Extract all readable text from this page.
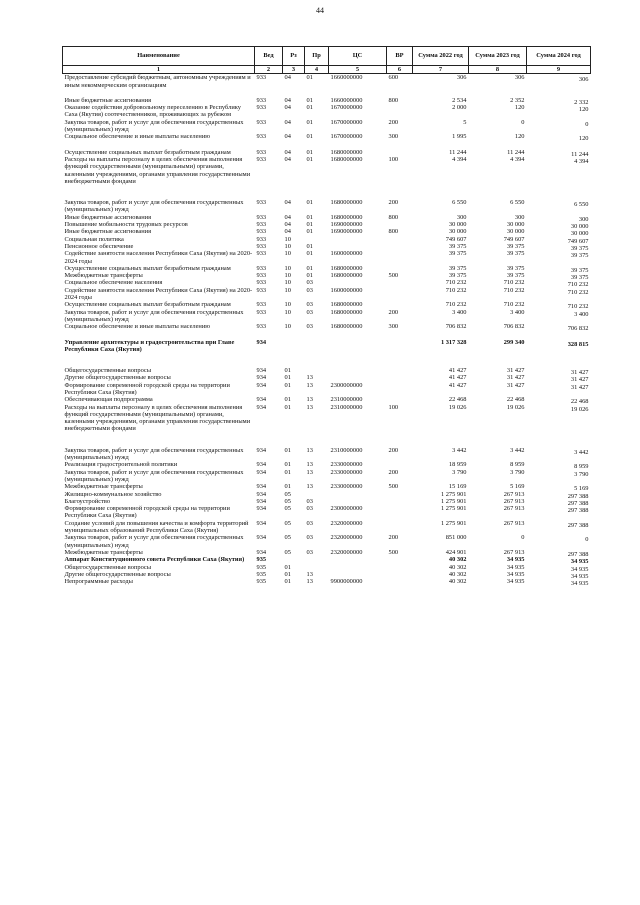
44
Наименование	Вед	Рз	Пр	ЦС	ВР	Сумма 2022 год	Сумма 2023 год	Сумма 2024 год
1	2	3	4	5	6	7	8	9
Предоставление субсидий бюджетным, автономным учреждениям и иным некоммерческим организациям	933	04	01	1660000000	600	306	306	306
Иные бюджетные ассигнования	933	04	01	1660000000	800	2 534	2 352	2 332
Оказание содействия добровольному переселению в Республику Саха (Якутия) соотечественников, проживающих за рубежом	933	04	01	1670000000		2 000	120	120
Закупка товаров, работ и услуг для обеспечения государственных (муниципальных) нужд	933	04	01	1670000000	200	5	0	0
Социальное обеспечение и иные выплаты населению	933	04	01	1670000000	300	1 995	120	120
Осуществление социальных выплат безработным гражданам	933	04	01	1680000000		11 244	11 244	11 244
Расходы на выплаты персоналу в целях обеспечения выполнения функций государственными (муниципальными) органами, казенными учреждениями, органами управления государственными внебюджетными фондами	933	04	01	1680000000	100	4 394	4 394	4 394
Закупка товаров, работ и услуг для обеспечения государственных (муниципальных) нужд	933	04	01	1680000000	200	6 550	6 550	6 550
Иные бюджетные ассигнования	933	04	01	1680000000	800	300	300	300
Повышение мобильности трудовых ресурсов	933	04	01	1690000000		30 000	30 000	30 000
Иные бюджетные ассигнования	933	04	01	1690000000	800	30 000	30 000	30 000
Социальная политика	933	10				749 607	749 607	749 607
Пенсионное обеспечение	933	10	01			39 375	39 375	39 375
Содействие занятости населения Республики Саха (Якутия) на 2020-2024 годы	933	10	01	1600000000		39 375	39 375	39 375
Осуществление социальных выплат безработным гражданам	933	10	01	1680000000		39 375	39 375	39 375
Межбюджетные трансферты	933	10	01	1680000000	500	39 375	39 375	39 375
Социальное обеспечение населения	933	10	03			710 232	710 232	710 232
Содействие занятости населения Республики Саха (Якутия) на 2020-2024 годы	933	10	03	1600000000		710 232	710 232	710 232
Осуществление социальных выплат безработным гражданам	933	10	03	1680000000		710 232	710 232	710 232
Закупка товаров, работ и услуг для обеспечения государственных (муниципальных) нужд	933	10	03	1680000000	200	3 400	3 400	3 400
Социальное обеспечение и иные выплаты населению	933	10	03	1680000000	300	706 832	706 832	706 832
Управление архитектуры и градостроительства при Главе Республики Саха (Якутия)	934					1 317 328	299 340	328 815
Общегосударственные вопросы	934	01				41 427	31 427	31 427
Другие общегосударственные вопросы	934	01	13			41 427	31 427	31 427
Формирование современной городской среды на территории Республики Саха (Якутия)	934	01	13	2300000000		41 427	31 427	31 427
Обеспечивающая подпрограмма	934	01	13	2310000000		22 468	22 468	22 468
Расходы на выплаты персоналу в целях обеспечения выполнения функций государственными (муниципальными) органами, казенными учреждениями, органами управления государственными внебюджетными фондами	934	01	13	2310000000	100	19 026	19 026	19 026
Закупка товаров, работ и услуг для обеспечения государственных (муниципальных) нужд	934	01	13	2310000000	200	3 442	3 442	3 442
Реализация градостроительной политики	934	01	13	2330000000		18 959	8 959	8 959
Закупка товаров, работ и услуг для обеспечения государственных (муниципальных) нужд	934	01	13	2330000000	200	3 790	3 790	3 790
Межбюджетные трансферты	934	01	13	2330000000	500	15 169	5 169	5 169
Жилищно-коммунальное хозяйство	934	05				1 275 901	267 913	297 388
Благоустройство	934	05	03			1 275 901	267 913	297 388
Формирование современной городской среды на территории Республики Саха (Якутия)	934	05	03	2300000000		1 275 901	267 913	297 388
Создание условий для повышения качества и комфорта территорий муниципальных образований Республики Саха (Якутия)	934	05	03	2320000000		1 275 901	267 913	297 388
Закупка товаров, работ и услуг для обеспечения государственных (муниципальных) нужд	934	05	03	2320000000	200	851 000	0	0
Межбюджетные трансферты	934	05	03	2320000000	500	424 901	267 913	297 388
Аппарат Конституционного совета Республики Саха (Якутия)	935					40 302	34 935	34 935
Общегосударственные вопросы	935	01				40 302	34 935	34 935
Другие общегосударственные вопросы	935	01	13			40 302	34 935	34 935
Непрограммные расходы	935	01	13	9900000000		40 302	34 935	34 935
